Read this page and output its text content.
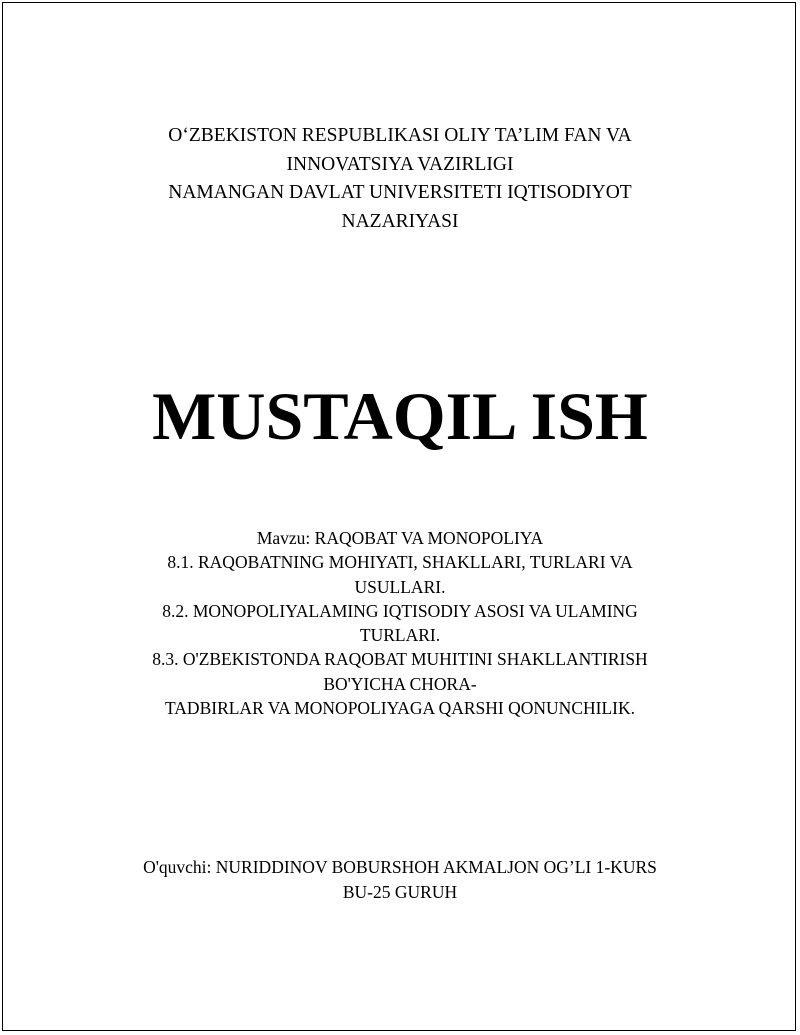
O‘ZBEKISTON RESPUBLIKASI OLIY TA’LIM FAN VA
INNOVATSIYA VAZIRLIGI
NAMANGAN DAVLAT UNIVERSITETI IQTISODIYOT
NAZARIYASI
MUSTAQIL ISH
Mavzu: RAQOBAT VA MONOPOLIYA
8.1. RAQOBATNING MOHIYATI, SHAKLLARI, TURLARI VA
USULLARI.
8.2. MONOPOLIYALAMING IQTISODIY ASOSI VA ULAMING
TURLARI.
8.3. O'ZBEKISTONDA RAQOBAT MUHITINI SHAKLLANTIRISH
BO'YICHA CHORA-
TADBIRLAR VA MONOPOLIYAGA QARSHI QONUNCHILIK.
O'quvchi: NURIDDINOV BOBURSHOH AKMALJON OG’LI 1-KURS
BU-25 GURUH
